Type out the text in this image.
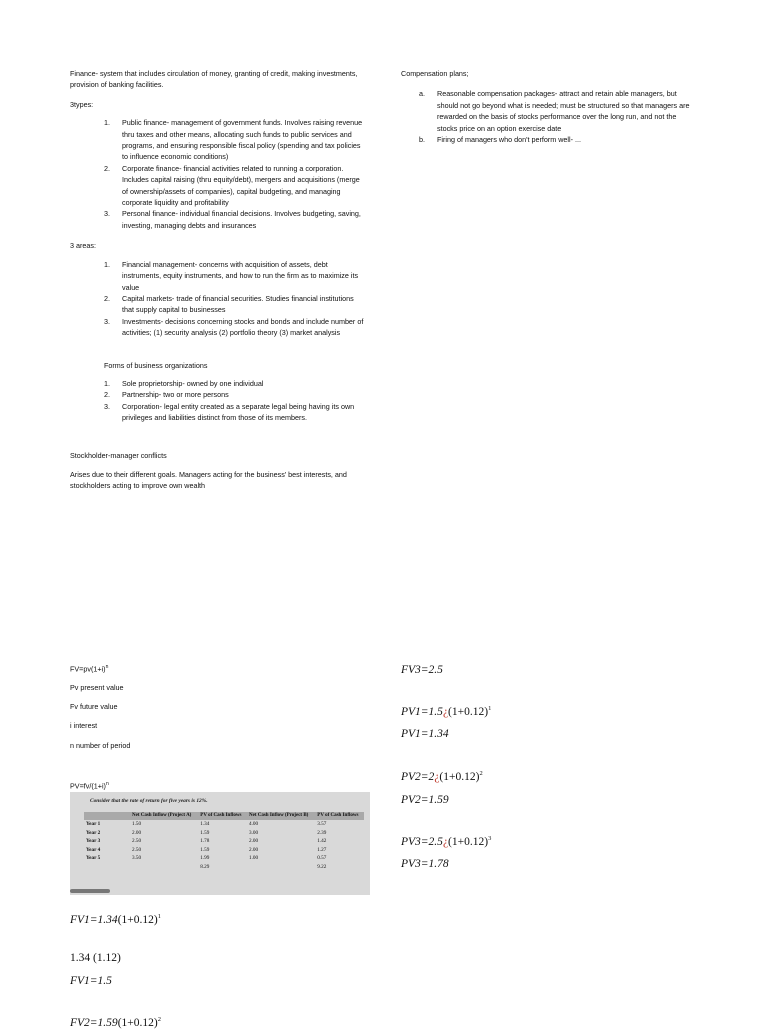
Finance- system that includes circulation of money, granting of credit, making investments, provision of banking facilities.

3types:

1. Public finance- management of government funds. Involves raising revenue thru taxes and other means, allocating such funds to public services and programs, and ensuring responsible fiscal policy (spending and tax policies to influence economic conditions)
2. Corporate finance- financial activities related to running a corporation. Includes capital raising (thru equity/debt), mergers and acquisitions (merge of ownership/assets of companies), capital budgeting, and managing corporate liquidity and profitability
3. Personal finance- individual financial decisions. Involves budgeting, saving, investing, managing debts and insurances

3 areas:

1. Financial management- concerns with acquisition of assets, debt instruments, equity instruments, and how to run the firm as to maximize its value
2. Capital markets- trade of financial securities. Studies financial institutions that supply capital to businesses
3. Investments- decisions concerning stocks and bonds and include number of activities; (1) security analysis (2) portfolio theory (3) market analysis

Forms of business organizations

1. Sole proprietorship- owned by one individual
2. Partnership- two or more persons
3. Corporation- legal entity created as a separate legal being having its own privileges and liabilities distinct from those of its members.

Stockholder-manager conflicts

Arises due to their different goals. Managers acting for the business' best interests, and stockholders acting to improve own wealth

Compensation plans;

a. Reasonable compensation packages- attract and retain able managers, but should not go beyond what is needed; must be structured so that managers are rewarded on the basis of stocks performance over the long run, and not the stocks price on an option exercise date
b. Firing of managers who don't perform well- ...
$FV=pv(1+i)^n$
Pv present value
Fv future value
i interest
n number of period
$PV=fv/(1+i)^n$
Consider that the rate of return for five years is 12%.
	Net Cash Inflow (Project A)	PV of Cash Inflows	Net Cash Inflow (Project B)	PV of Cash Inflows
Year 1	1.50	1.34	4.00	3.57
Year 2	2.00	1.59	3.00	2.39
Year 3	2.50	1.78	2.00	1.42
Year 4	2.50	1.59	2.00	1.27
Year 5	3.50	1.99	1.00	0.57
		8.29		9.22
$FV1=1.34(1+0.12)^1$
1.34 (1.12)
FV1=1.5
$FV2=1.59(1+0.12)^2$
FV3=2.5
$PV1=1.5¿(1+0.12)^1$
PV1=1.34
$PV2=2¿(1+0.12)^2$
PV2=1.59
$PV3=2.5¿(1+0.12)^3$
PV3=1.78
